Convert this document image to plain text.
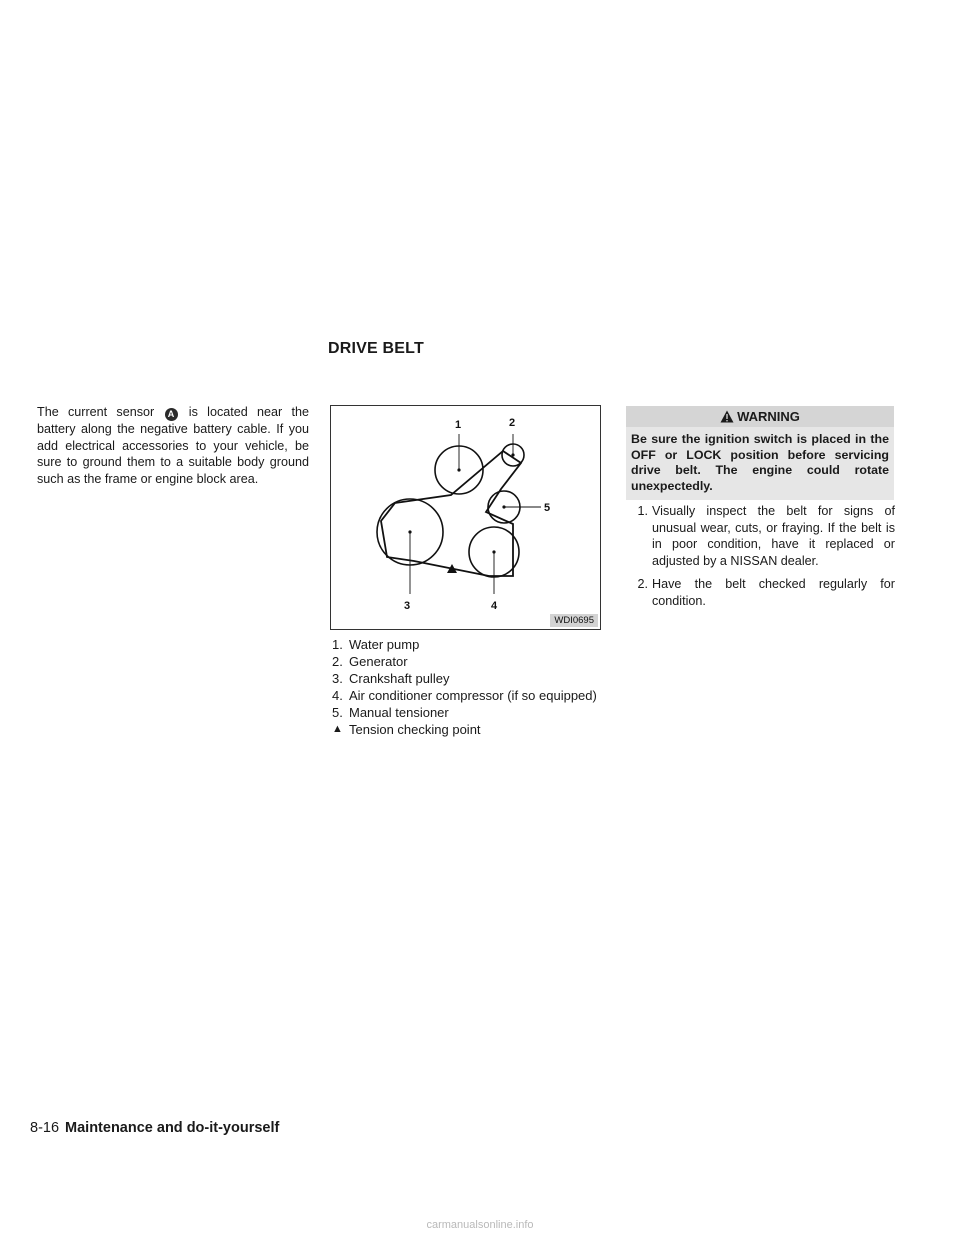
DRIVE BELT
The current sensor A is located near the battery along the negative battery cable. If you add electrical accessories to your vehicle, be sure to ground them to a suitable body ground such as the frame or engine block area.
1	2
5
3	4
WDI0695
1. Water pump
2. Generator
3. Crankshaft pulley
4. Air conditioner compressor (if so equipped)
5. Manual tensioner
▲ Tension checking point
WARNING
Be sure the ignition switch is placed in the OFF or LOCK position before servicing drive belt. The engine could rotate unexpectedly.
1. Visually inspect the belt for signs of unusual wear, cuts, or fraying. If the belt is in poor condition, have it replaced or adjusted by a NISSAN dealer.
2. Have the belt checked regularly for condition.
8-16 Maintenance and do-it-yourself
carmanualsonline.info
